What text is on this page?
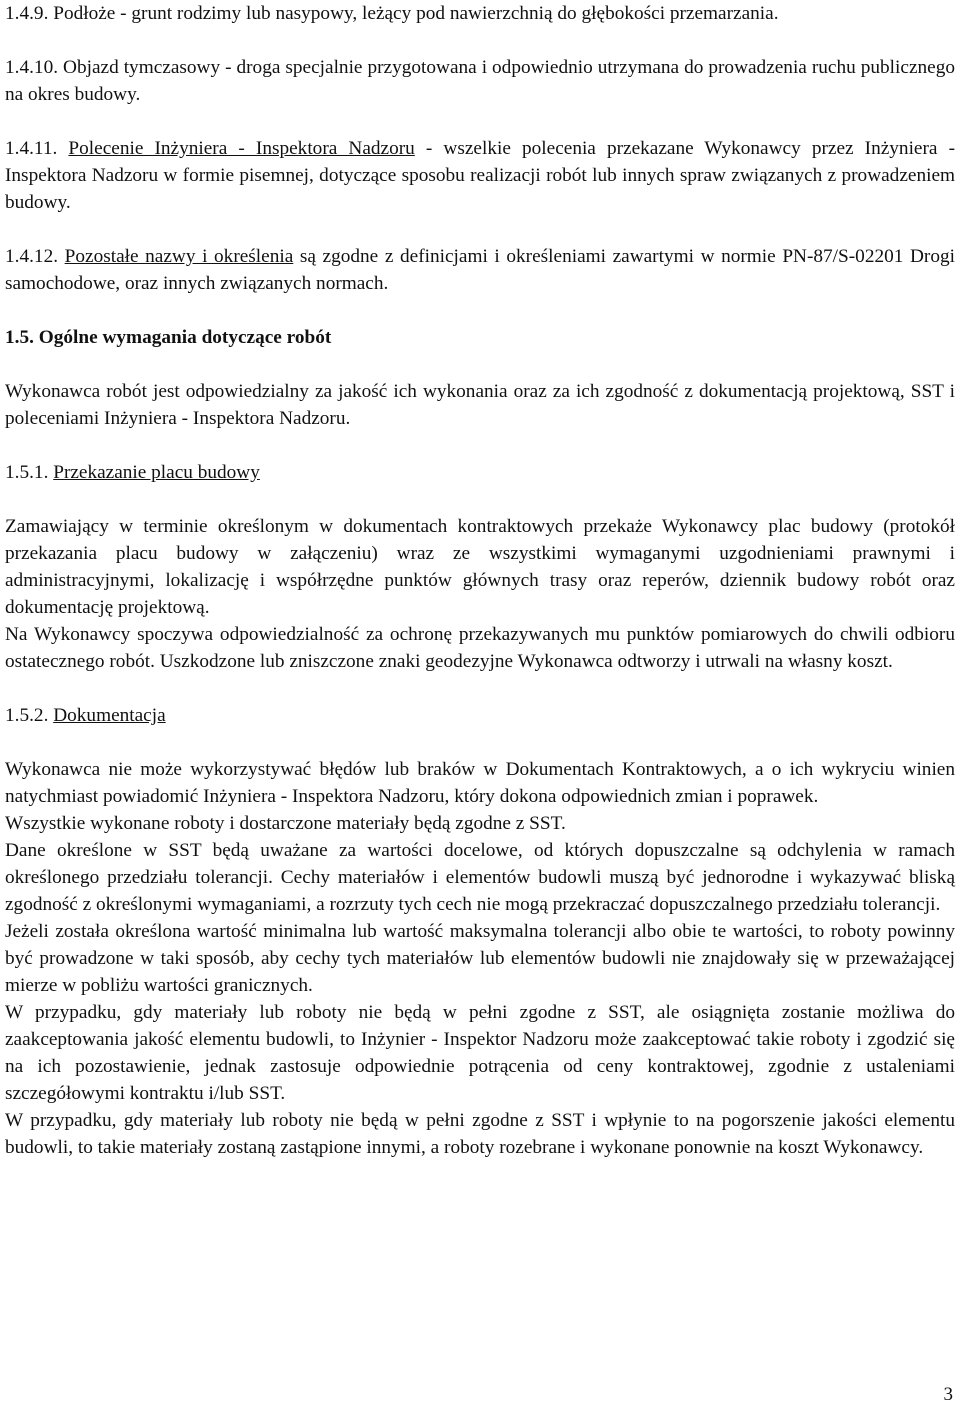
1.4.9. Podłoże - grunt rodzimy lub nasypowy, leżący pod nawierzchnią do głębokości przemarzania.

1.4.10. Objazd tymczasowy - droga specjalnie przygotowana i odpowiednio utrzymana do prowadzenia ruchu publicznego na okres budowy.

1.4.11. Polecenie Inżyniera - Inspektora Nadzoru - wszelkie polecenia przekazane Wykonawcy przez Inżyniera - Inspektora Nadzoru w formie pisemnej, dotyczące sposobu realizacji robót lub innych spraw związanych z prowadzeniem budowy.

1.4.12. Pozostałe nazwy i określenia są zgodne z definicjami i określeniami zawartymi w normie PN-87/S-02201 Drogi samochodowe, oraz innych związanych normach.

1.5. Ogólne wymagania dotyczące robót

Wykonawca robót jest odpowiedzialny za jakość ich wykonania oraz za ich zgodność z dokumentacją projektową, SST i poleceniami Inżyniera - Inspektora Nadzoru.

1.5.1. Przekazanie placu budowy

Zamawiający w terminie określonym w dokumentach kontraktowych przekaże Wykonawcy plac budowy (protokół przekazania placu budowy w załączeniu) wraz ze wszystkimi wymaganymi uzgodnieniami prawnymi i administracyjnymi, lokalizację i współrzędne punktów głównych trasy oraz reperów, dziennik budowy robót oraz dokumentację projektową.

Na Wykonawcy spoczywa odpowiedzialność za ochronę przekazywanych mu punktów pomiarowych do chwili odbioru ostatecznego robót. Uszkodzone lub zniszczone znaki geodezyjne Wykonawca odtworzy i utrwali na własny koszt.

1.5.2. Dokumentacja

Wykonawca nie może wykorzystywać błędów lub braków w Dokumentach Kontraktowych, a o ich wykryciu winien natychmiast powiadomić Inżyniera - Inspektora Nadzoru, który dokona odpowiednich zmian i poprawek.

Wszystkie wykonane roboty i dostarczone materiały będą zgodne z SST.

Dane określone w SST będą uważane za wartości docelowe, od których dopuszczalne są odchylenia w ramach określonego przedziału tolerancji. Cechy materiałów i elementów budowli muszą być jednorodne i wykazywać bliską zgodność z określonymi wymaganiami, a rozrzuty tych cech nie mogą przekraczać dopuszczalnego przedziału tolerancji.

Jeżeli została określona wartość minimalna lub wartość maksymalna tolerancji albo obie te wartości, to roboty powinny być prowadzone w taki sposób, aby cechy tych materiałów lub elementów budowli nie znajdowały się w przeważającej mierze w pobliżu wartości granicznych.

W przypadku, gdy materiały lub roboty nie będą w pełni zgodne z SST, ale osiągnięta zostanie możliwa do zaakceptowania jakość elementu budowli, to Inżynier - Inspektor Nadzoru może zaakceptować takie roboty i zgodzić się na ich pozostawienie, jednak zastosuje odpowiednie potrącenia od ceny kontraktowej, zgodnie z ustaleniami szczegółowymi kontraktu i/lub SST.

W przypadku, gdy materiały lub roboty nie będą w pełni zgodne z SST i wpłynie to na pogorszenie jakości elementu budowli, to takie materiały zostaną zastąpione innymi, a roboty rozebrane i wykonane ponownie na koszt Wykonawcy.

3
